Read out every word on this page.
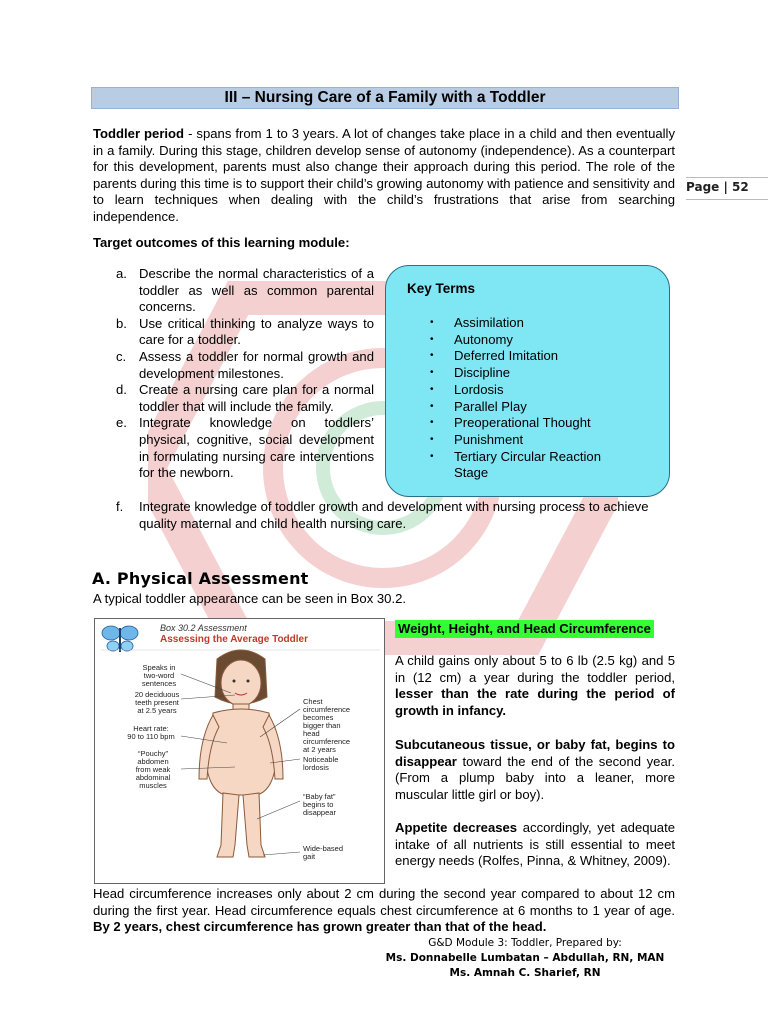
III – Nursing Care of a Family with a Toddler
Page | 52

Toddler period - spans from 1 to 3 years. A lot of changes take place in a child and then eventually in a family. During this stage, children develop sense of autonomy (independence). As a counterpart for this development, parents must also change their approach during this period. The role of the parents during this time is to support their child’s growing autonomy with patience and sensitivity and to learn techniques when dealing with the child’s frustrations that arise from searching independence.

Target outcomes of this learning module:
a. Describe the normal characteristics of a toddler as well as common parental concerns.
b. Use critical thinking to analyze ways to care for a toddler.
c. Assess a toddler for normal growth and development milestones.
d. Create a nursing care plan for a normal toddler that will include the family.
e. Integrate knowledge on toddlers’ physical, cognitive, social development in formulating nursing care interventions for the newborn.
f.	Integrate knowledge of toddler growth and development with nursing process to achieve quality maternal and child health nursing care.
Key Terms
• Assimilation
• Autonomy
• Deferred Imitation
• Discipline
• Lordosis
• Parallel Play
• Preoperational Thought
• Punishment
• Tertiary Circular Reaction Stage
A. Physical Assessment
A typical toddler appearance can be seen in Box 30.2.
Box 30.2 Assessment
Assessing the Average Toddler
Speaks in
two-word
sentences
20 deciduous
teeth present
at 2.5 years
Heart rate:
90 to 110 bpm
“Pouchy”
abdomen
from weak
abdominal
muscles
Chest
circumference
becomes
bigger than
head
circumference
at 2 years
Noticeable
lordosis
“Baby fat”
begins to
disappear
Wide-based
gait
Weight, Height, and Head Circumference

A child gains only about 5 to 6 lb (2.5 kg) and 5 in (12 cm) a year during the toddler period, lesser than the rate during the period of growth in infancy.

Subcutaneous tissue, or baby fat, begins to disappear toward the end of the second year. (From a plump baby into a leaner, more muscular little girl or boy).

Appetite decreases accordingly, yet adequate intake of all nutrients is still essential to meet energy needs (Rolfes, Pinna, & Whitney, 2009).

Head circumference increases only about 2 cm during the second year compared to about 12 cm during the first year. Head circumference equals chest circumference at 6 months to 1 year of age. By 2 years, chest circumference has grown greater than that of the head.

G&D Module 3: Toddler, Prepared by:
Ms. Donnabelle Lumbatan – Abdullah, RN, MAN
Ms. Amnah C. Sharief, RN
